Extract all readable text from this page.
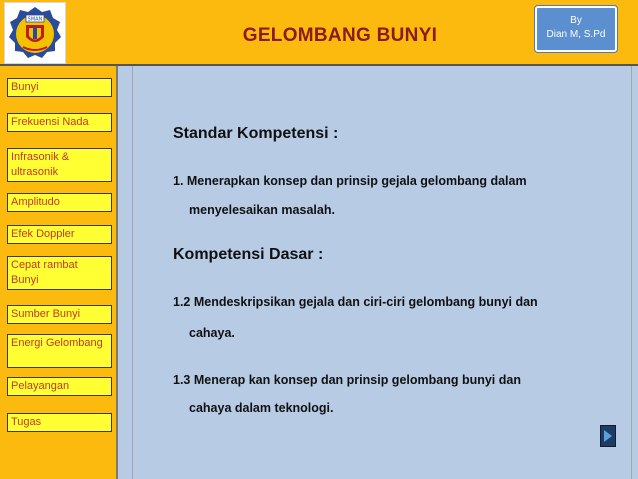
SMAN
GELOMBANG BUNYI
By
Dian M, S.Pd
Bunyi
Frekuensi Nada
Infrasonik & ultrasonik
Amplitudo
Efek Doppler
Cepat rambat Bunyi
Sumber Bunyi
Energi Gelombang
Pelayangan
Tugas
Standar Kompetensi :
1. Menerapkan konsep dan prinsip gejala gelombang dalam
menyelesaikan masalah.
Kompetensi Dasar :
1.2 Mendeskripsikan gejala dan ciri-ciri gelombang bunyi dan
cahaya.
1.3 Menerap kan konsep dan prinsip gelombang bunyi dan
cahaya dalam teknologi.
